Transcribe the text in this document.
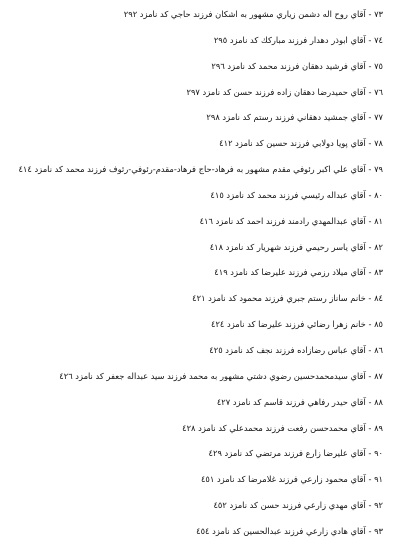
٧٣ - آقاي روح اله دشمن زياري مشهور به اشكان فرزند حاجي كد نامزد ٢٩٢
٧٤ - آقاي ابوذر دهدار فرزند مباركك كد نامزد ٢٩٥
٧٥ - آقاي فرشيد دهقان فرزند محمد كد نامزد ٢٩٦
٧٦ - آقاي حميدرضا دهقان زاده فرزند حسن كد نامزد ٢٩٧
٧٧ - آقاي جمشيد دهقاني فرزند رستم كد نامزد ٢٩٨
٧٨ - آقاي پويا دولابي فرزند حسين كد نامزد ٤١٢
٧٩ - آقاي علي اكبر رئوفي مقدم مشهور به فرهاد-حاج فرهاد-مقدم-رئوفي-رئوف فرزند محمد كد نامزد ٤١٤
٨٠ - آقاي عبداله رئيسي فرزند محمد كد نامزد ٤١٥
٨١ - آقاي عبدالمهدي رادمند فرزند احمد كد نامزد ٤١٦
٨٢ - آقاي ياسر رحيمي فرزند شهريار كد نامزد ٤١٨
٨٣ - آقاي ميلاد رزمي فرزند عليرضا كد نامزد ٤١٩
٨٤ - خانم ساناز رستم جبري فرزند محمود كد نامزد ٤٢١
٨٥ - خانم زهرا رضائي فرزند عليرضا كد نامزد ٤٢٤
٨٦ - آقاي عباس رضازاده فرزند نجف كد نامزد ٤٢٥
٨٧ - آقاي سيدمحمدحسين رضوي دشتي مشهور به محمد فرزند سيد عبداله جعفر كد نامزد ٤٢٦
٨٨ - آقاي حيدر رفاهي فرزند قاسم كد نامزد ٤٢٧
٨٩ - آقاي محمدحسن رفعت فرزند محمدعلي كد نامزد ٤٢٨
٩٠ - آقاي عليرضا زارع فرزند مرتضي كد نامزد ٤٢٩
٩١ - آقاي محمود زارعي فرزند غلامرضا كد نامزد ٤٥١
٩٢ - آقاي مهدي زارعي فرزند حسن كد نامزد ٤٥٢
٩٣ - آقاي هادي زارعي فرزند عبدالحسين كد نامزد ٤٥٤
